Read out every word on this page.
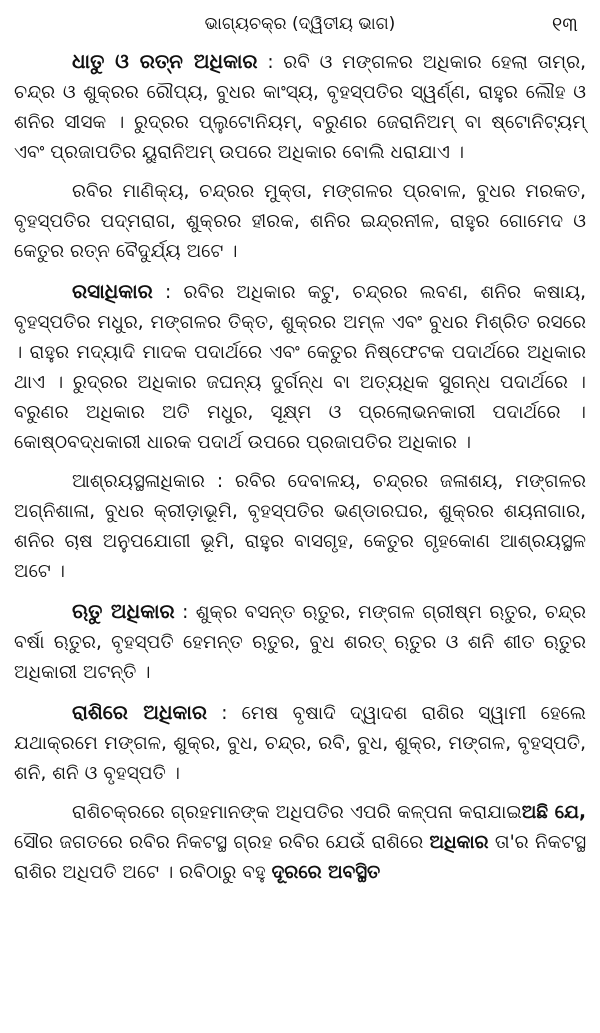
ଭାଗ୍ୟଚକ୍ର (ଦ୍ୱିତୀୟ ଭାଗ)	୧୩

ଧାତୁ ଓ ରତ୍ନ ଅଧିକାର : ରବି ଓ ମଙ୍ଗଳର ଅଧିକାର ହେଲା ତାମ୍ର, ଚନ୍ଦ୍ର ଓ ଶୁକ୍ରର ରୌପ୍ୟ, ବୁଧର କାଂସ୍ୟ, ବୃହସ୍ପତିର ସ୍ୱର୍ଣ୍ଣ, ରାହୁର ଲୌହ ଓ ଶନିର ସୀସକ । ରୁଦ୍ରର ପ୍ଲୁଟୋନିୟମ୍, ବରୁଣର ଜେରାନିଅମ୍ ବା ଷ୍ଟୋନିଟ୍ୟମ୍ ଏବଂ ପ୍ରଜାପତିର ୟୁରାନିଅମ୍ ଉପରେ ଅଧିକାର ବୋଲି ଧରାଯାଏ ।

ରବିର ମାଣିକ୍ୟ, ଚନ୍ଦ୍ରର ମୁକ୍ତା, ମଙ୍ଗଳର ପ୍ରବାଳ, ବୁଧର ମରକତ, ବୃହସ୍ପତିର ପଦ୍ମରାଗ, ଶୁକ୍ରର ହୀରକ, ଶନିର ଇନ୍ଦ୍ରନୀଳ, ରାହୁର ଗୋମେଦ ଓ କେତୁର ରତ୍ନ ବୈଦୁର୍ଯ୍ୟ ଅଟେ ।

ରସାଧିକାର : ରବିର ଅଧିକାର କଟୁ, ଚନ୍ଦ୍ରର ଲବଣ, ଶନିର କଷାୟ, ବୃହସ୍ପତିର ମଧୁର, ମଙ୍ଗଳର ତିକ୍ତ, ଶୁକ୍ରର ଅମ୍ଳ ଏବଂ ବୁଧର ମିଶ୍ରିତ ରସରେ । ରାହୁର ମଦ୍ୟାଦି ମାଦକ ପଦାର୍ଥରେ ଏବଂ କେତୁର ନିଷ୍ଫେଟକ ପଦାର୍ଥରେ ଅଧିକାର ଥାଏ । ରୁଦ୍ରର ଅଧିକାର ଜଘନ୍ୟ ଦୁର୍ଗନ୍ଧ ବା ଅତ୍ୟଧିକ ସୁଗନ୍ଧ ପଦାର୍ଥରେ । ବରୁଣର ଅଧିକାର ଅତି ମଧୁର, ସୂକ୍ଷ୍ମ ଓ ପ୍ରଲୋଭନକାରୀ ପଦାର୍ଥରେ । କୋଷ୍ଠବଦ୍ଧକାରୀ ଧାରକ ପଦାର୍ଥ ଉପରେ ପ୍ରଜାପତିର ଅଧିକାର ।

ଆଶ୍ରୟସ୍ଥଳାଧିକାର : ରବିର ଦେବାଳୟ, ଚନ୍ଦ୍ରର ଜଳାଶୟ, ମଙ୍ଗଳର ଅଗ୍ନିଶାଳା, ବୁଧର କ୍ରୀଡ଼ାଭୂମି, ବୃହସ୍ପତିର ଭଣ୍ଡାରଘର, ଶୁକ୍ରର ଶୟନାଗାର, ଶନିର ଚାଷ ଅନୁପଯୋଗୀ ଭୂମି, ରାହୁର ବାସଗୃହ, କେତୁର ଗୃହକୋଣ ଆଶ୍ରୟସ୍ଥଳ ଅଟେ ।

ଋତୁ ଅଧିକାର : ଶୁକ୍ର ବସନ୍ତ ଋତୁର, ମଙ୍ଗଳ ଗ୍ରୀଷ୍ମ ଋତୁର, ଚନ୍ଦ୍ର ବର୍ଷା ଋତୁର, ବୃହସ୍ପତି ହେମନ୍ତ ଋତୁର, ବୁଧ ଶରତ୍ ଋତୁର ଓ ଶନି ଶୀତ ଋତୁର ଅଧିକାରୀ ଅଟନ୍ତି ।

ରାଶିରେ ଅଧିକାର : ମେଷ ବୃଷାଦି ଦ୍ୱାଦଶ ରାଶିର ସ୍ୱାମୀ ହେଲେ ଯଥାକ୍ରମେ ମଙ୍ଗଳ, ଶୁକ୍ର, ବୁଧ, ଚନ୍ଦ୍ର, ରବି, ବୁଧ, ଶୁକ୍ର, ମଙ୍ଗଳ, ବୃହସ୍ପତି, ଶନି, ଶନି ଓ ବୃହସ୍ପତି ।

ରାଶିଚକ୍ରରେ ଗ୍ରହମାନଙ୍କ ଅଧିପତିର ଏପରି କଳ୍ପନା କରାଯାଇଅଛି ଯେ, ସୌର ଜଗତରେ ରବିର ନିକଟସ୍ଥ ଗ୍ରହ ରବିର ଯେଉଁ ରାଶିରେ ଅଧିକାର ତା'ର ନିକଟସ୍ଥ ରାଶିର ଅଧିପତି ଅଟେ । ରବିଠାରୁ ବହୁ ଦୂରରେ ଅବସ୍ଥିତ
